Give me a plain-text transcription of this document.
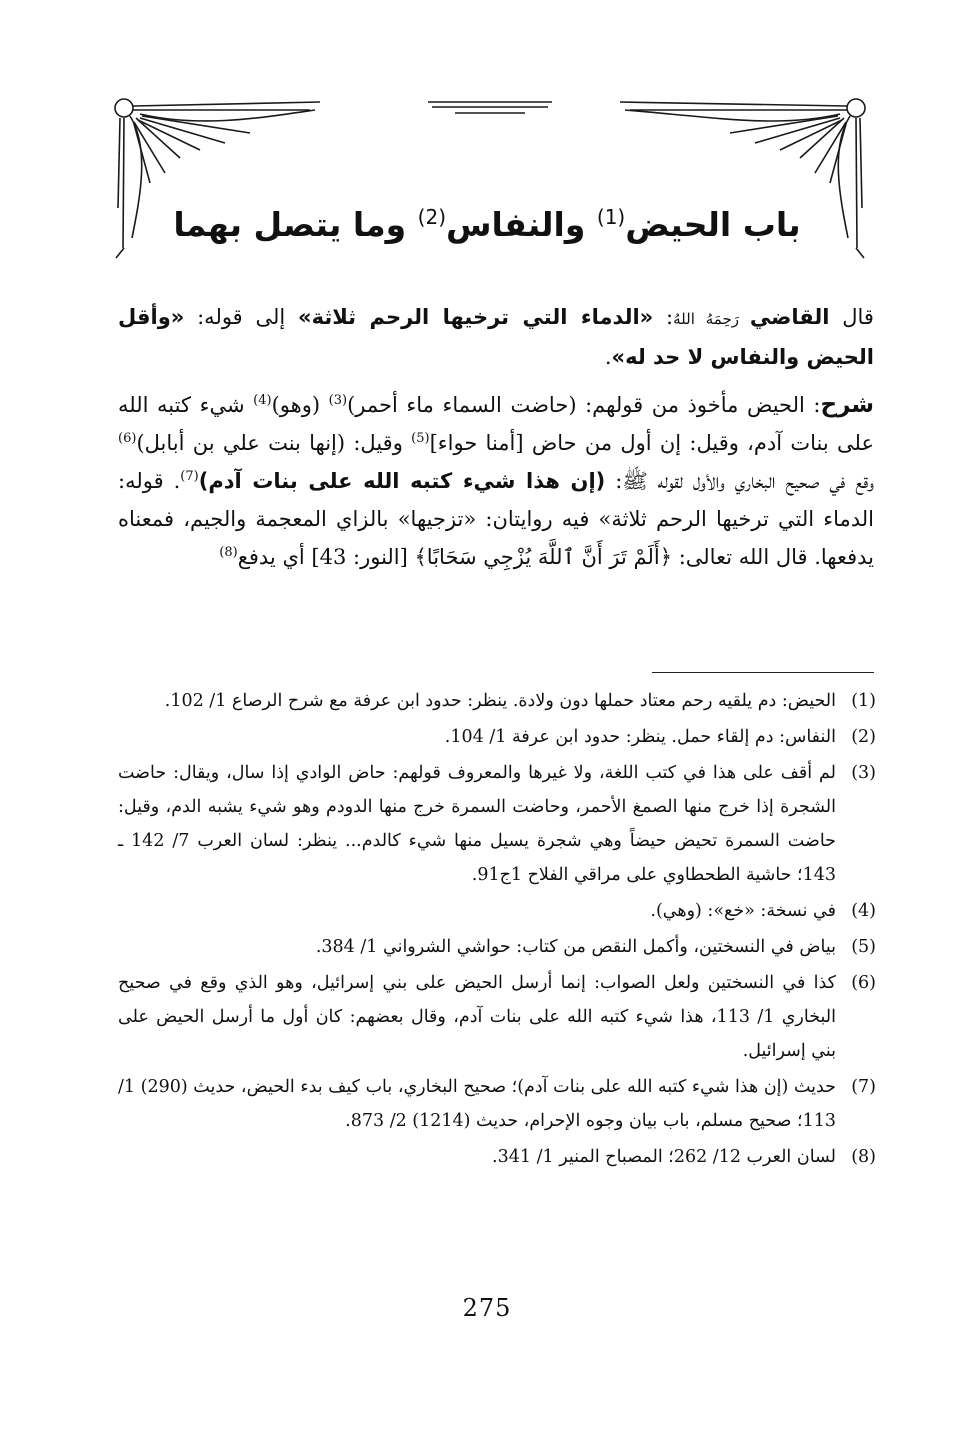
باب الحيض$^{(1)}$ والنفاس$^{(2)}$ وما يتصل بهما

قال القاضي رَحِمَهُ اللهُ: «الدماء التي ترخيها الرحم ثلاثة» إلى قوله: «وأقل الحيض والنفاس لا حد له».

شرح: الحيض مأخوذ من قولهم: (حاضت السماء ماء أحمر)$^{(3)}$ (وهو)$^{(4)}$ شيء كتبه الله على بنات آدم، وقيل: إن أول من حاض [أمنا حواء]$^{(5)}$ وقيل: (إنها بنت علي بن أبابل)$^{(6)}$ وقع في صحيح البخاري والأول لقوله ﷺ: (إن هذا شيء كتبه الله على بنات آدم)$^{(7)}$. قوله: الدماء التي ترخيها الرحم ثلاثة» فيه روايتان: «تزجيها» بالزاي المعجمة والجيم، فمعناه يدفعها. قال الله تعالى: ﴿أَلَمْ تَرَ أَنَّ ٱللَّهَ يُزْجِي سَحَابًا﴾ [النور: 43] أي يدفع$^{(8)}$

(1)
الحيض: دم يلقيه رحم معتاد حملها دون ولادة. ينظر: حدود ابن عرفة مع شرح الرصاع 1/ 102.
(2)
النفاس: دم إلقاء حمل. ينظر: حدود ابن عرفة 1/ 104.
(3)
لم أقف على هذا في كتب اللغة، ولا غيرها والمعروف قولهم: حاض الوادي إذا سال، ويقال: حاضت الشجرة إذا خرج منها الصمغ الأحمر، وحاضت السمرة خرج منها الدودم وهو شيء يشبه الدم، وقيل: حاضت السمرة تحيض حيضاً وهي شجرة يسيل منها شيء كالدم... ينظر: لسان العرب 7/ 142 ـ 143؛ حاشية الطحطاوي على مراقي الفلاح 1ج91.
(4)
في نسخة: «خع»: (وهي).
(5)
بياض في النسختين، وأكمل النقص من كتاب: حواشي الشرواني 1/ 384.
(6)
كذا في النسختين ولعل الصواب: إنما أرسل الحيض على بني إسرائيل، وهو الذي وقع في صحيح البخاري 1/ 113، هذا شيء كتبه الله على بنات آدم، وقال بعضهم: كان أول ما أرسل الحيض على بني إسرائيل.
(7)
حديث (إن هذا شيء كتبه الله على بنات آدم)؛ صحيح البخاري، باب كيف بدء الحيض، حديث (290) 1/ 113؛ صحيح مسلم، باب بيان وجوه الإحرام، حديث (1214) 2/ 873.
(8)
لسان العرب 12/ 262؛ المصباح المنير 1/ 341.
275
